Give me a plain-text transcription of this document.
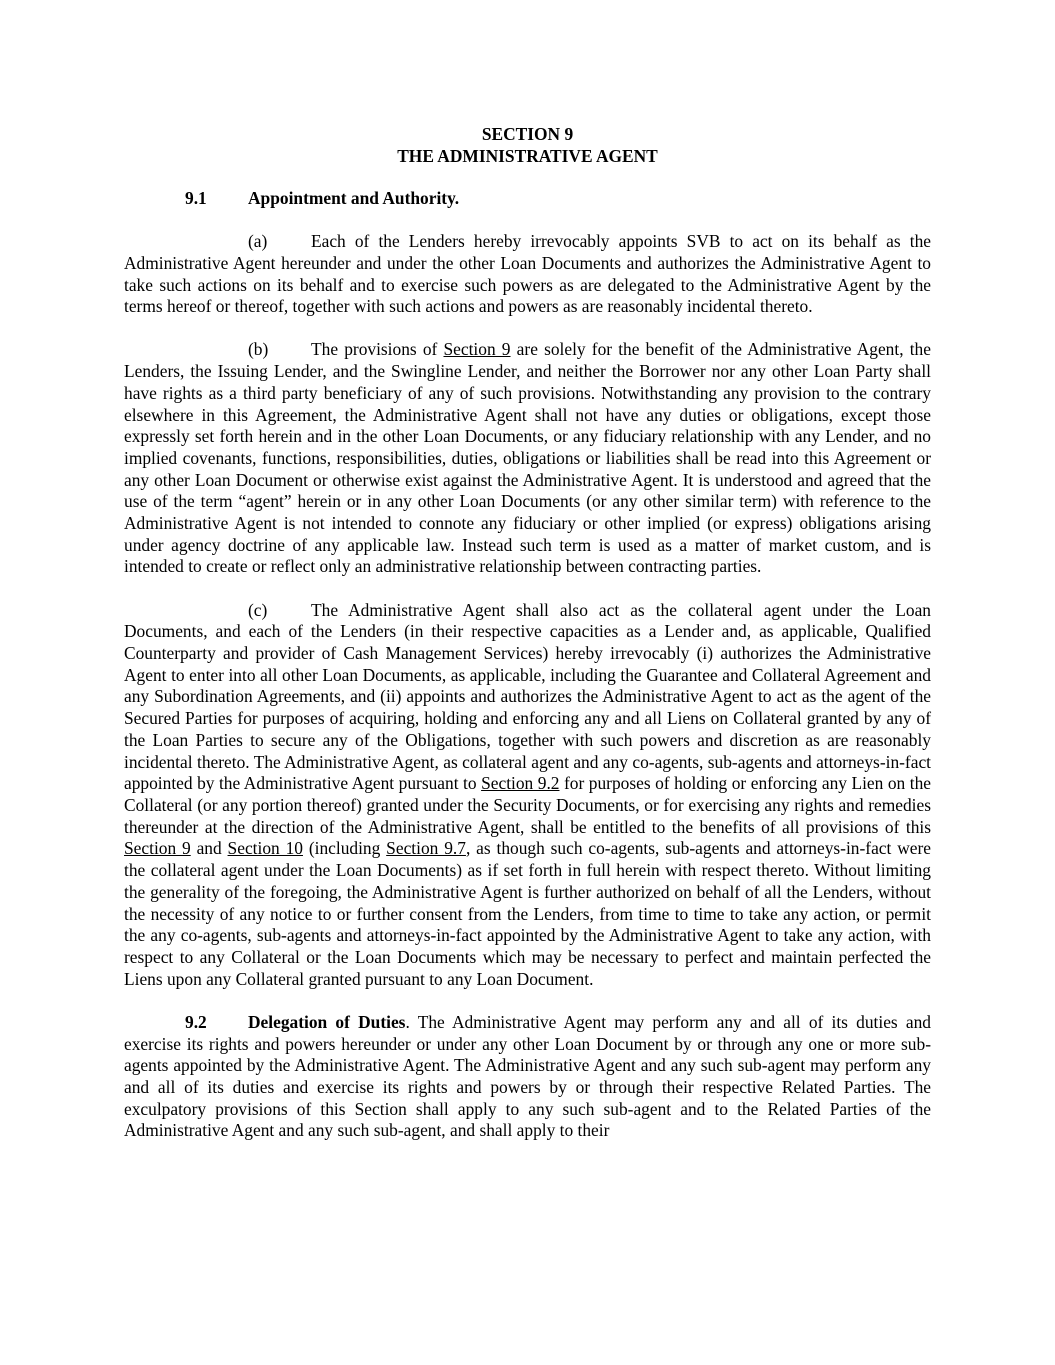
SECTION 9

THE ADMINISTRATIVE AGENT

9.1 Appointment and Authority.

(a)	Each of the Lenders hereby irrevocably appoints SVB to act on its behalf as the Administrative Agent hereunder and under the other Loan Documents and authorizes the Administrative Agent to take such actions on its behalf and to exercise such powers as are delegated to the Administrative Agent by the terms hereof or thereof, together with such actions and powers as are reasonably incidental thereto.

(b) The provisions of Section 9 are solely for the benefit of the Administrative Agent, the Lenders, the Issuing Lender, and the Swingline Lender, and neither the Borrower nor any other Loan Party shall have rights as a third party beneficiary of any of such provisions. Notwithstanding any provision to the contrary elsewhere in this Agreement, the Administrative Agent shall not have any duties or obligations, except those expressly set forth herein and in the other Loan Documents, or any fiduciary relationship with any Lender, and no implied covenants, functions, responsibilities, duties, obligations or liabilities shall be read into this Agreement or any other Loan Document or otherwise exist against the Administrative Agent. It is understood and agreed that the use of the term “agent” herein or in any other Loan Documents (or any other similar term) with reference to the Administrative Agent is not intended to connote any fiduciary or other implied (or express) obligations arising under agency doctrine of any applicable law. Instead such term is used as a matter of market custom, and is intended to create or reflect only an administrative relationship between contracting parties.

(c)	The Administrative Agent shall also act as the collateral agent under the Loan Documents, and each of the Lenders (in their respective capacities as a Lender and, as applicable, Qualified Counterparty and provider of Cash Management Services) hereby irrevocably (i) authorizes the Administrative Agent to enter into all other Loan Documents, as applicable, including the Guarantee and Collateral Agreement and any Subordination Agreements, and (ii) appoints and authorizes the Administrative Agent to act as the agent of the Secured Parties for purposes of acquiring, holding and enforcing any and all Liens on Collateral granted by any of the Loan Parties to secure any of the Obligations, together with such powers and discretion as are reasonably incidental thereto. The Administrative Agent, as collateral agent and any co-agents, sub-agents and attorneys-in-fact appointed by the Administrative Agent pursuant to Section 9.2 for purposes of holding or enforcing any Lien on the Collateral (or any portion thereof) granted under the Security Documents, or for exercising any rights and remedies thereunder at the direction of the Administrative Agent, shall be entitled to the benefits of all provisions of this Section 9 and Section 10 (including Section 9.7, as though such co-agents, sub-agents and attorneys-in-fact were the collateral agent under the Loan Documents) as if set forth in full herein with respect thereto. Without limiting the generality of the foregoing, the Administrative Agent is further authorized on behalf of all the Lenders, without the necessity of any notice to or further consent from the Lenders, from time to time to take any action, or permit the any co-agents, sub-agents and attorneys-in-fact appointed by the Administrative Agent to take any action, with respect to any Collateral or the Loan Documents which may be necessary to perfect and maintain perfected the Liens upon any Collateral granted pursuant to any Loan Document.

9.2 Delegation of Duties. The Administrative Agent may perform any and all of its duties and exercise its rights and powers hereunder or under any other Loan Document by or through any one or more sub-agents appointed by the Administrative Agent. The Administrative Agent and any such sub-agent may perform any and all of its duties and exercise its rights and powers by or through their respective Related Parties. The exculpatory provisions of this Section shall apply to any such sub-agent and to the Related Parties of the Administrative Agent and any such sub-agent, and shall apply to their
